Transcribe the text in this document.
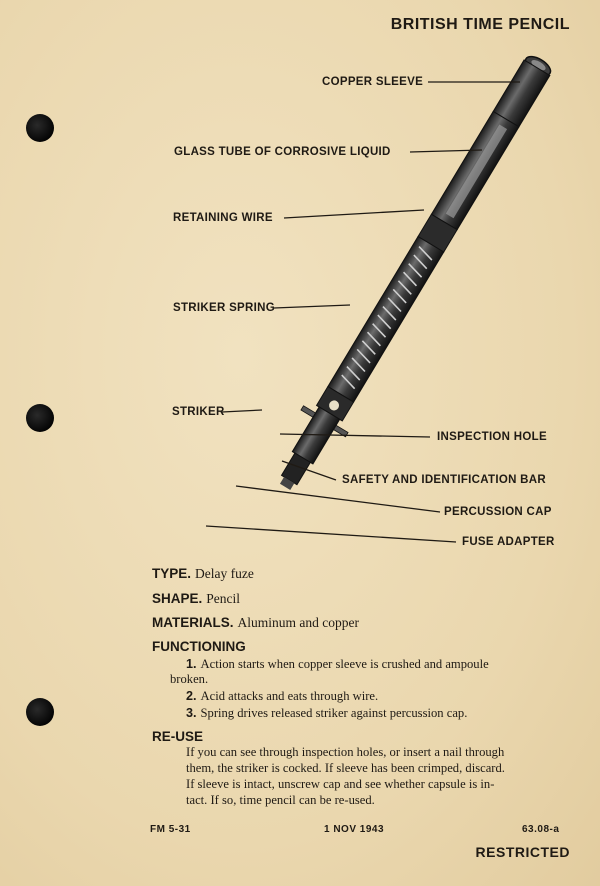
BRITISH TIME PENCIL
COPPER SLEEVE
GLASS TUBE OF CORROSIVE LIQUID
RETAINING WIRE
STRIKER SPRING
STRIKER
INSPECTION HOLE
SAFETY AND IDENTIFICATION BAR
PERCUSSION CAP
FUSE ADAPTER
TYPE. Delay fuze
SHAPE. Pencil
MATERIALS. Aluminum and copper
FUNCTIONING
1. Action starts when copper sleeve is crushed and ampoule
broken.
2. Acid attacks and eats through wire.
3. Spring drives released striker against percussion cap.
RE-USE
If you can see through inspection holes, or insert a nail through
them, the striker is cocked. If sleeve has been crimped, discard.
If sleeve is intact, unscrew cap and see whether capsule is in-
tact. If so, time pencil can be re-used.
FM 5-31	1 NOV 1943	63.08-a
RESTRICTED
